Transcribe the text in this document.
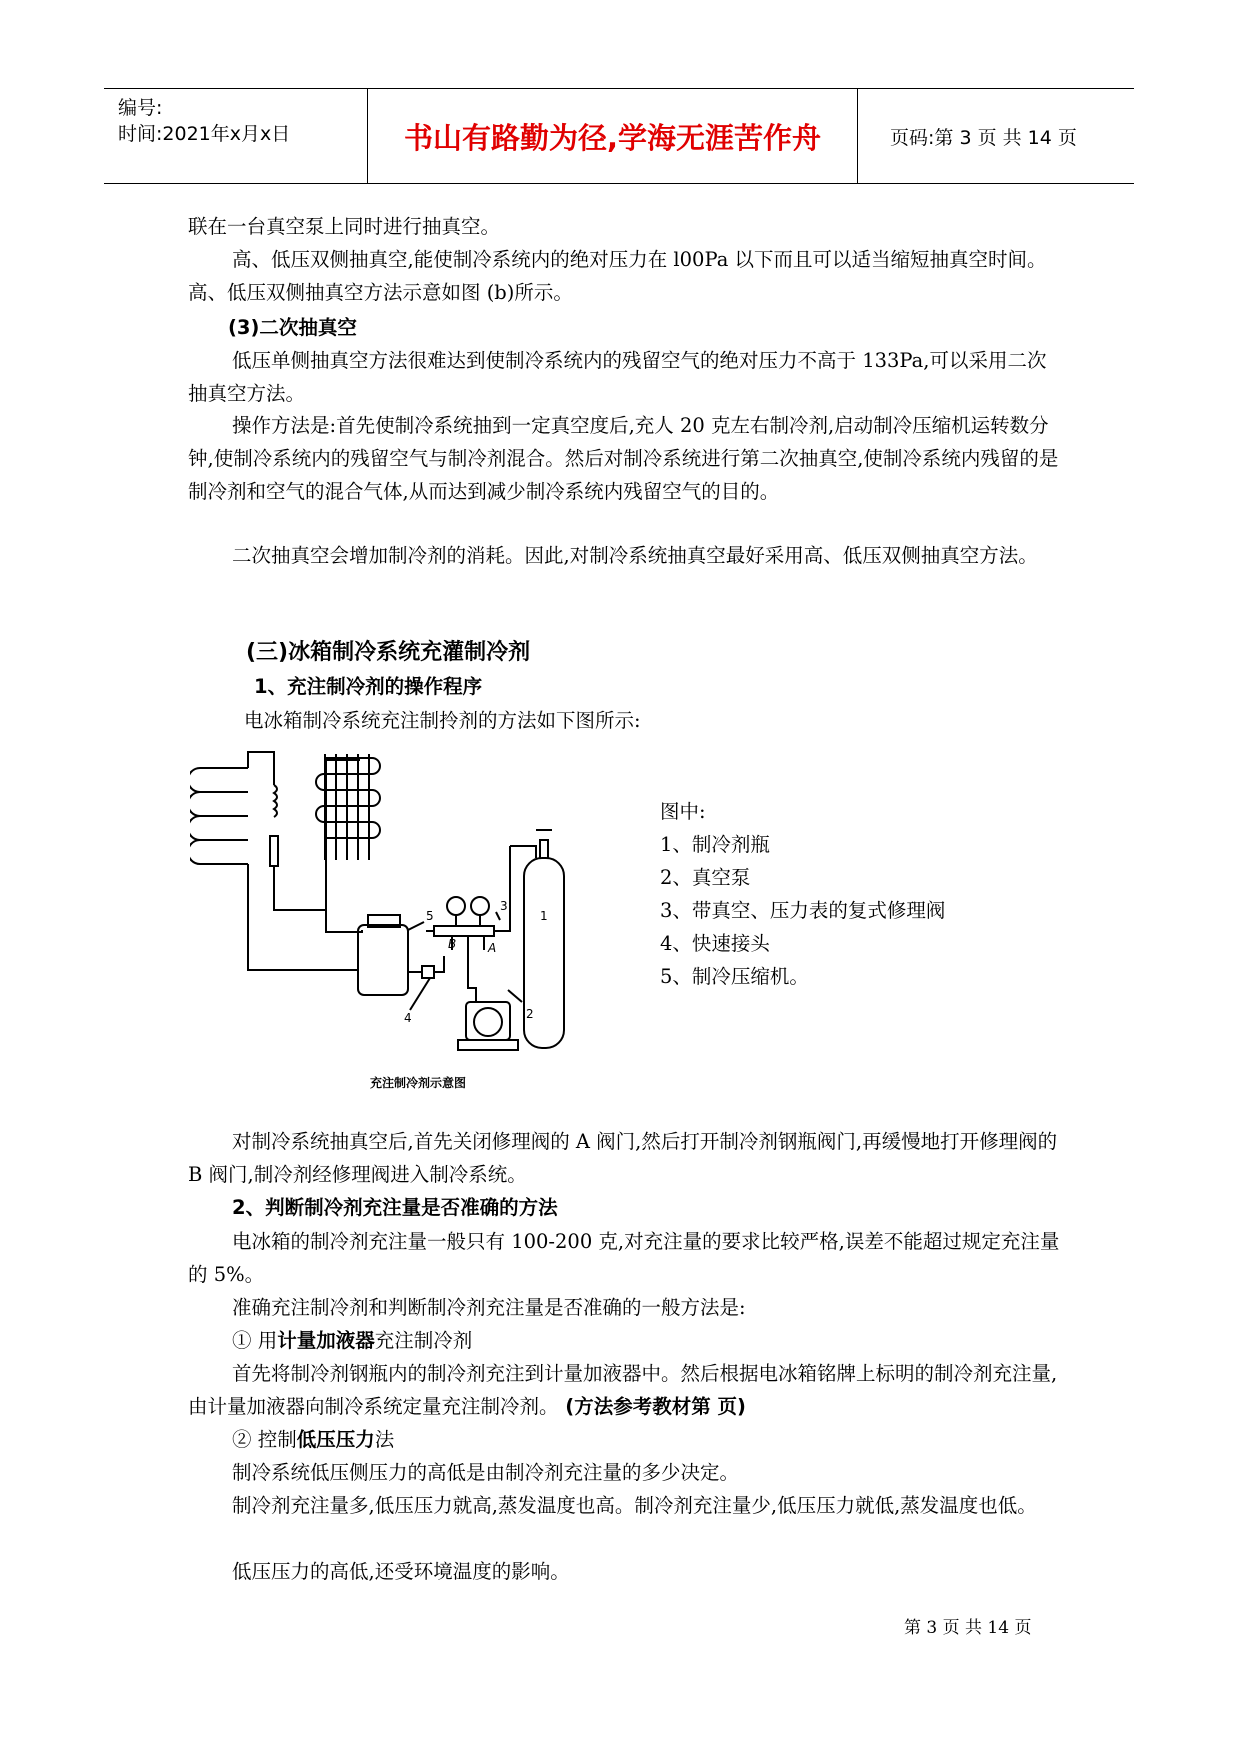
编号:
时间:2021年x月x日	书山有路勤为径,学海无涯苦作舟	页码:第 3 页 共 14 页
联在一台真空泵上同时进行抽真空。
高、低压双侧抽真空,能使制冷系统内的绝对压力在 l00Pa 以下而且可以适当缩短抽真空时间。高、低压双侧抽真空方法示意如图 (b)所示。
(3)二次抽真空
低压单侧抽真空方法很难达到使制冷系统内的残留空气的绝对压力不高于 133Pa,可以采用二次抽真空方法。
操作方法是:首先使制冷系统抽到一定真空度后,充人 20 克左右制冷剂,启动制冷压缩机运转数分钟,使制冷系统内的残留空气与制冷剂混合。然后对制冷系统进行第二次抽真空,使制冷系统内残留的是制冷剂和空气的混合气体,从而达到减少制冷系统内残留空气的目的。
二次抽真空会增加制冷剂的消耗。因此,对制冷系统抽真空最好采用高、低压双侧抽真空方法。
(三)冰箱制冷系统充灌制冷剂
1、充注制冷剂的操作程序
电冰箱制冷系统充注制拎剂的方法如下图所示:
B	A
1
2
3
4
5
充注制冷剂示意图
图中:
1、制冷剂瓶
2、真空泵
3、带真空、压力表的复式修理阀
4、快速接头
5、制冷压缩机。
对制冷系统抽真空后,首先关闭修理阀的 A 阀门,然后打开制冷剂钢瓶阀门,再缓慢地打开修理阀的 B 阀门,制冷剂经修理阀进入制冷系统。
2、判断制冷剂充注量是否准确的方法
电冰箱的制冷剂充注量一般只有 100-200 克,对充注量的要求比较严格,误差不能超过规定充注量的 5%。
准确充注制冷剂和判断制冷剂充注量是否准确的一般方法是:
① 用计量加液器充注制冷剂
首先将制冷剂钢瓶内的制冷剂充注到计量加液器中。然后根据电冰箱铭牌上标明的制冷剂充注量,由计量加液器向制冷系统定量充注制冷剂。 (方法参考教材第 页)
② 控制低压压力法
制冷系统低压侧压力的高低是由制冷剂充注量的多少决定。
制冷剂充注量多,低压压力就高,蒸发温度也高。制冷剂充注量少,低压压力就低,蒸发温度也低。
低压压力的高低,还受环境温度的影响。
第 3 页 共 14 页
